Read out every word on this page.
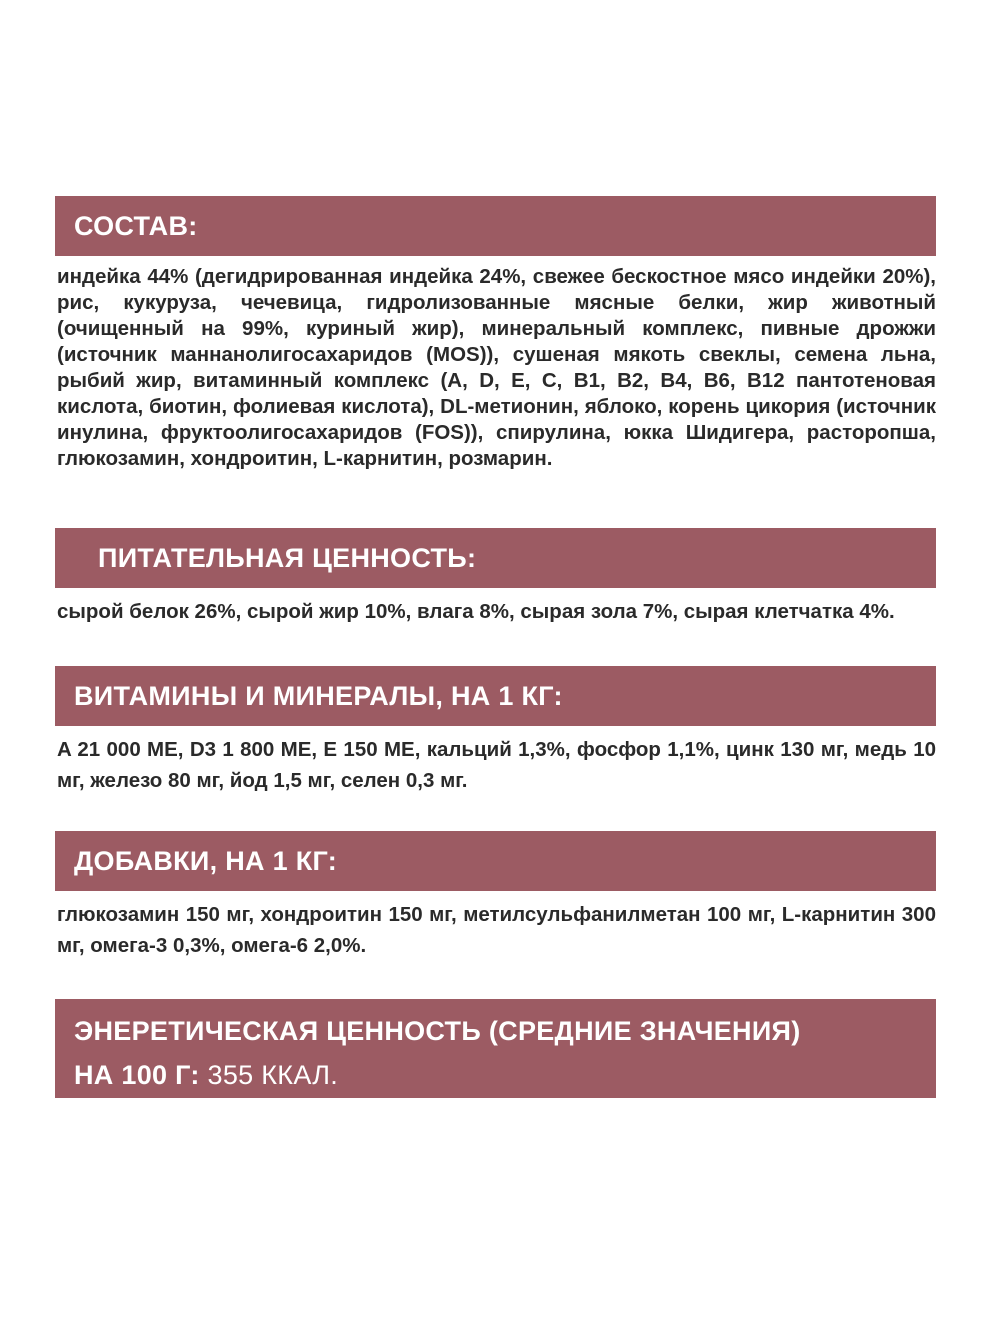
СОСТАВ:
индейка 44% (дегидрированная индейка 24%, свежее бескостное мясо индейки 20%), рис, кукуруза, чечевица, гидролизованные мясные белки, жир животный (очищенный на 99%, куриный жир), минеральный комплекс, пивные дрожжи (источник маннанолигосахаридов (MOS)), сушеная мякоть свеклы, семена льна, рыбий жир, витаминный комплекс (A, D, E, C, B1, B2, B4, B6, B12 пантотеновая кислота, биотин, фолиевая кислота), DL-метионин, яблоко, корень цикория (источник инулина, фруктоолигосахаридов (FOS)), спирулина, юкка Шидигера, расторопша, глюкозамин, хондроитин, L-карнитин, розмарин.
ПИТАТЕЛЬНАЯ ЦЕННОСТЬ:
сырой белок 26%, сырой жир 10%, влага 8%, сырая зола 7%, сырая клетчатка 4%.
ВИТАМИНЫ И МИНЕРАЛЫ, НА 1 КГ:
A 21 000 МЕ, D3 1 800 МЕ, E 150 МЕ, кальций 1,3%, фосфор 1,1%, цинк 130 мг, медь 10 мг, железо 80 мг, йод 1,5 мг, селен 0,3 мг.
ДОБАВКИ, НА 1 КГ:
глюкозамин 150 мг, хондроитин 150 мг, метилсульфанилметан 100 мг, L-карнитин 300 мг, омега-3 0,3%, омега-6 2,0%.
ЭНЕРЕТИЧЕСКАЯ ЦЕННОСТЬ (СРЕДНИЕ ЗНАЧЕНИЯ)
НА 100 Г: 355 ККАЛ.
